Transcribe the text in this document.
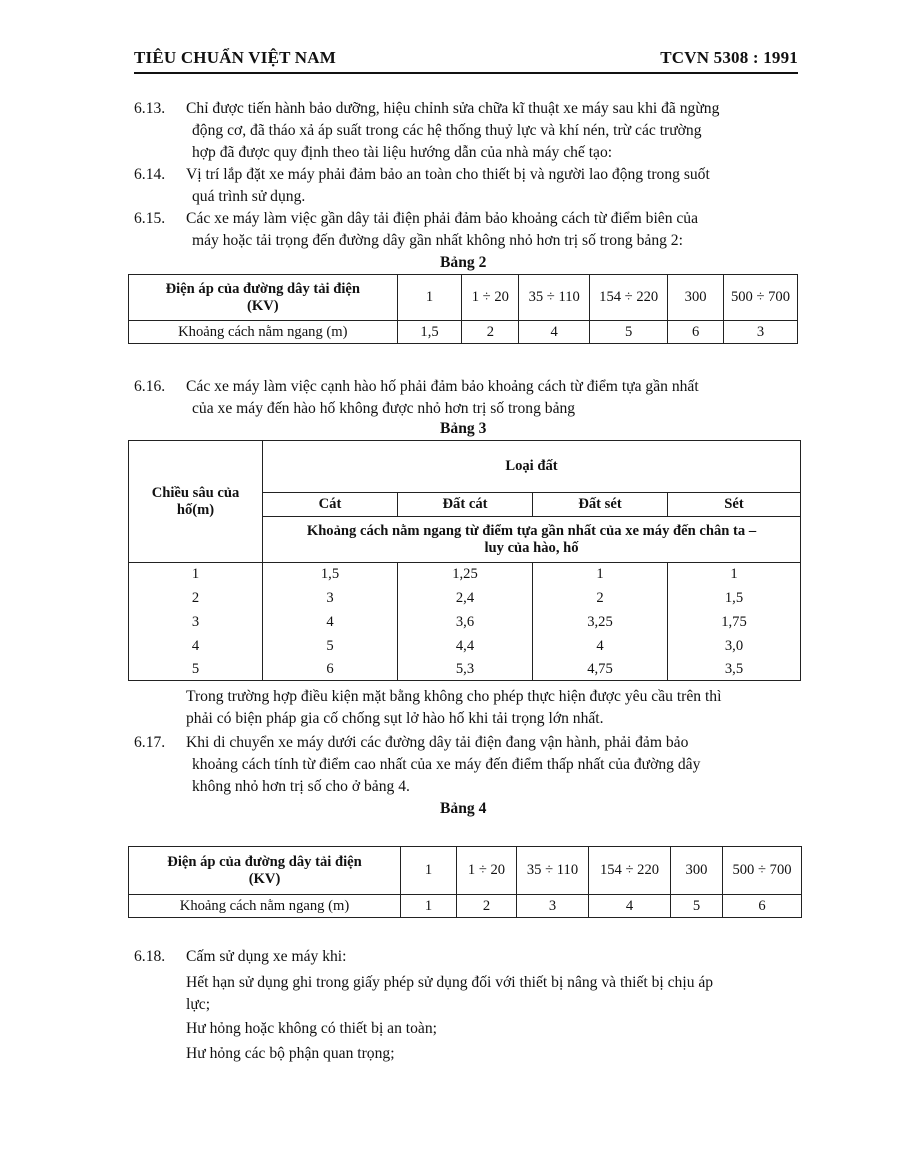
TIÊU CHUẨN VIỆT NAM	TCVN 5308 : 1991
6.13. Chỉ được tiến hành bảo dưỡng, hiệu chỉnh sửa chữa kĩ thuật xe máy sau khi đã ngừng
động cơ, đã tháo xả áp suất trong các hệ thống thuỷ lực và khí nén, trừ các trường
hợp đã được quy định theo tài liệu hướng dẫn của nhà máy chế tạo:
6.14. Vị trí lắp đặt xe máy phải đảm bảo an toàn cho thiết bị và người lao động trong suốt
quá trình sử dụng.
6.15. Các xe máy làm việc gần dây tải điện phải đảm bảo khoảng cách từ điểm biên của
máy hoặc tải trọng đến đường dây gần nhất không nhỏ hơn trị số trong bảng 2:
Bảng 2
Điện áp của đường dây tải điện
(KV)	1	1 ÷ 20	35 ÷ 110	154 ÷ 220	300	500 ÷ 700
Khoảng cách nằm ngang (m)	1,5	2	4	5	6	3
6.16. Các xe máy làm việc cạnh hào hố phải đảm bảo khoảng cách từ điểm tựa gần nhất
của xe máy đến hào hố không được nhỏ hơn trị số trong bảng
Bảng 3
Chiều sâu của
hố(m)	Loại đất			
	Cát	Đất cát	Đất sét	Sét

	Khoảng cách nằm ngang từ điểm tựa gần nhất của xe máy đến chân ta –
luy của hào, hố			

1	1,5	1,25	1	1
2	3	2,4	2	1,5
3	4	3,6	3,25	1,75
4	5	4,4	4	3,0
5	6	5,3	4,75	3,5
Trong trường hợp điều kiện mặt bằng không cho phép thực hiện được yêu cầu trên thì
phải có biện pháp gia cố chống sụt lở hào hố khi tải trọng lớn nhất.
6.17. Khi di chuyển xe máy dưới các đường dây tải điện đang vận hành, phải đảm bảo
khoảng cách tính từ điểm cao nhất của xe máy đến điểm thấp nhất của đường dây
không nhỏ hơn trị số cho ở bảng 4.
Bảng 4
Điện áp của đường dây tải điện
(KV)	1	1 ÷ 20	35 ÷ 110	154 ÷ 220	300	500 ÷ 700
Khoảng cách nằm ngang (m)	1	2	3	4	5	6
6.18. Cấm sử dụng xe máy khi:
Hết hạn sử dụng ghi trong giấy phép sử dụng đối với thiết bị nâng và thiết bị chịu áp
lực;
Hư hỏng hoặc không có thiết bị an toàn;
Hư hỏng các bộ phận quan trọng;
